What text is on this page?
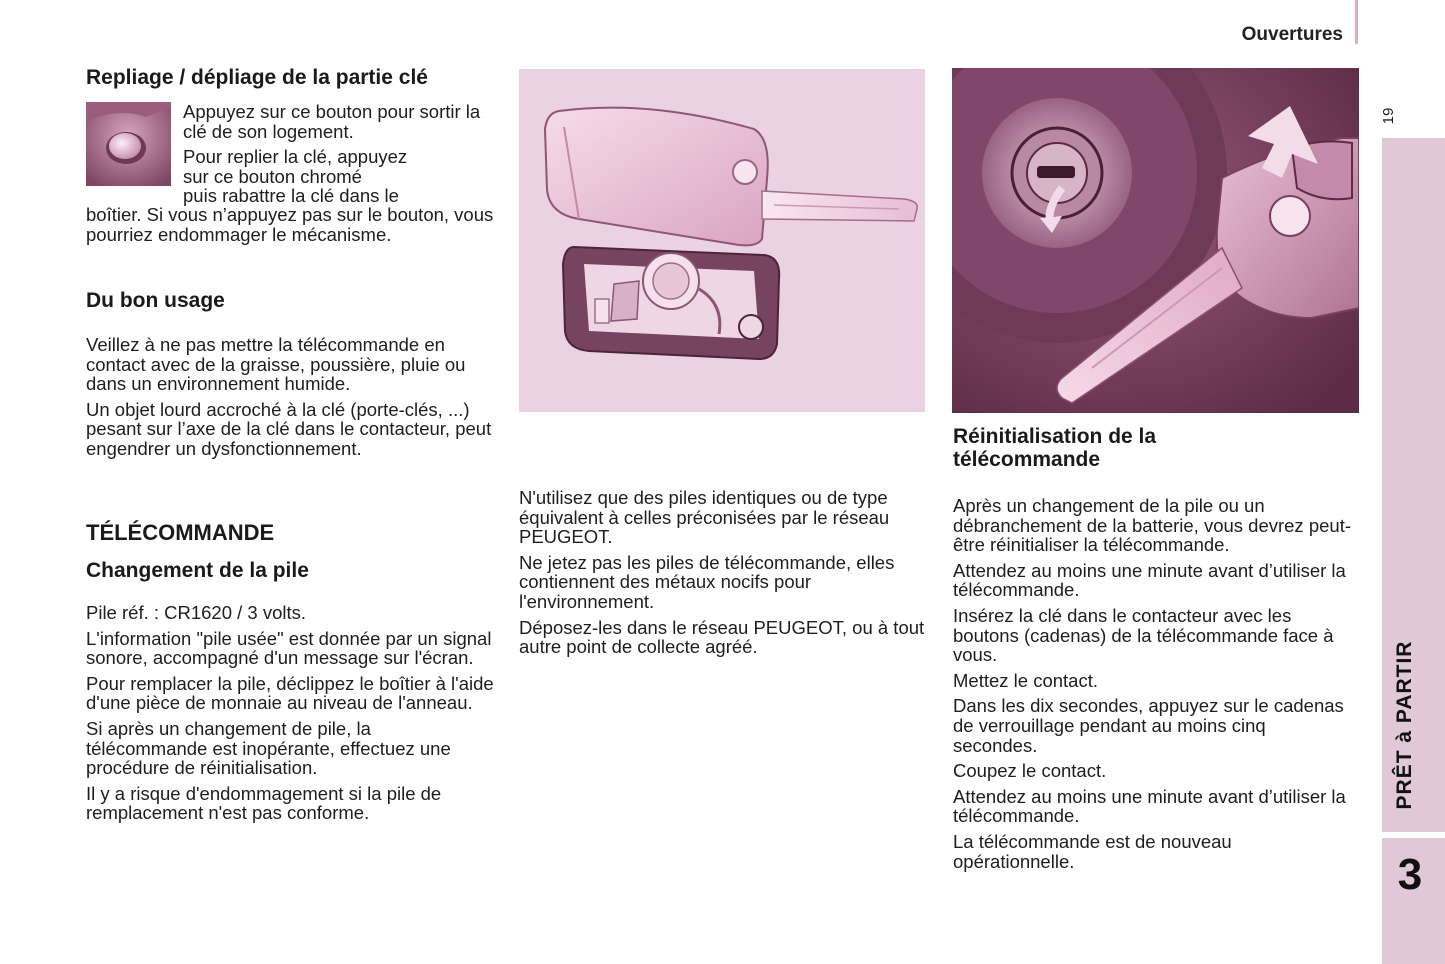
Ouvertures
19
PRÊT à PARTIR
3
Repliage / dépliage de la partie clé

Appuyez sur ce bouton pour sortir la clé de son logement.

Pour replier la clé, appuyez
sur ce bouton chromé
puis rabattre la clé dans le

boîtier. Si vous n’appuyez pas sur le bouton, vous pourriez endommager le mécanisme.

Du bon usage

Veillez à ne pas mettre la télécommande en contact avec de la graisse, poussière, pluie ou dans un environnement humide.

Un objet lourd accroché à la clé (porte-clés, ...) pesant sur l’axe de la clé dans le contacteur, peut engendrer un dysfonctionnement.

TÉLÉCOMMANDE
Changement de la pile

Pile réf. : CR1620 / 3 volts.

L'information "pile usée" est donnée par un signal sonore, accompagné d'un message sur l'écran.

Pour remplacer la pile, déclippez le boîtier à l'aide d'une pièce de monnaie au niveau de l'anneau.

Si après un changement de pile, la télécommande est inopérante, effectuez une procédure de réinitialisation.

Il y a risque d'endommagement si la pile de remplacement n'est pas conforme.

N'utilisez que des piles identiques ou de type équivalent à celles préconisées par le réseau PEUGEOT.

Ne jetez pas les piles de télécommande, elles contiennent des métaux nocifs pour l'environnement.

Déposez-les dans le réseau PEUGEOT, ou à tout autre point de collecte agréé.

Réinitialisation de la télécommande

Après un changement de la pile ou un débranchement de la batterie, vous devrez peut-être réinitialiser la télécommande.

Attendez au moins une minute avant d’utiliser la télécommande.

Insérez la clé dans le contacteur avec les boutons (cadenas) de la télécommande face à vous.

Mettez le contact.

Dans les dix secondes, appuyez sur le cadenas de verrouillage pendant au moins cinq secondes.

Coupez le contact.

Attendez au moins une minute avant d’utiliser la télécommande.

La télécommande est de nouveau opérationnelle.
